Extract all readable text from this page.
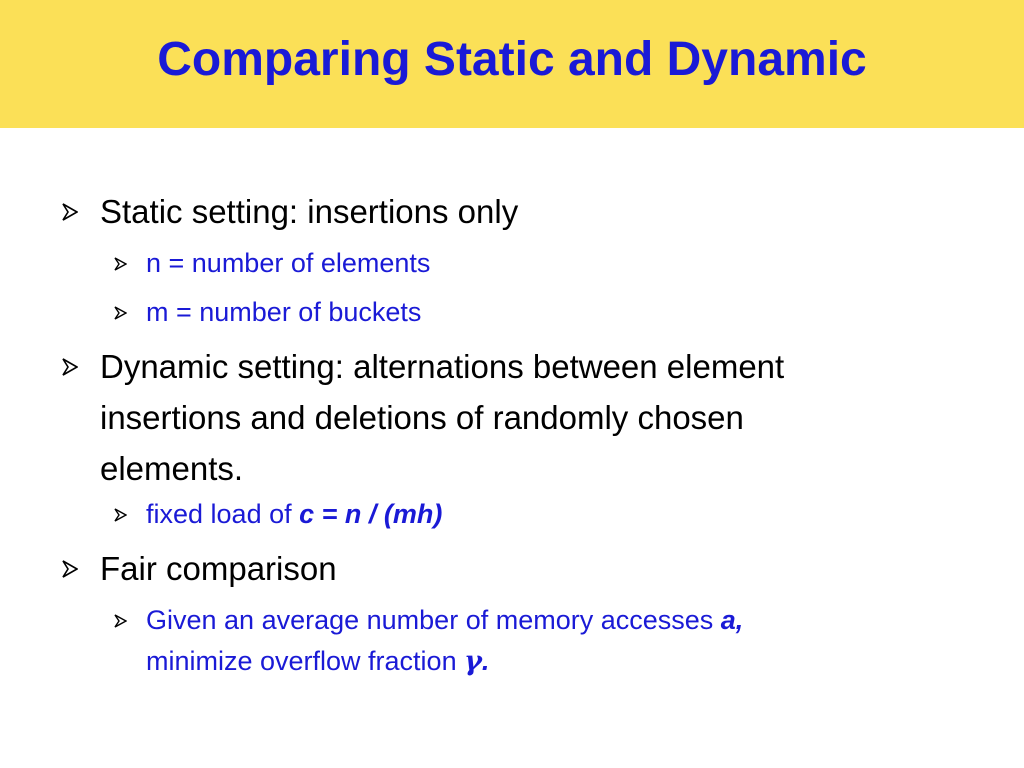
Comparing Static and Dynamic
Static setting: insertions only
n = number of elements
m = number of buckets
Dynamic setting: alternations between element
insertions and deletions of randomly chosen
elements.
fixed load of c = n / (mh)
Fair comparison
Given an average number of memory accesses a,
minimize overflow fraction γ.
